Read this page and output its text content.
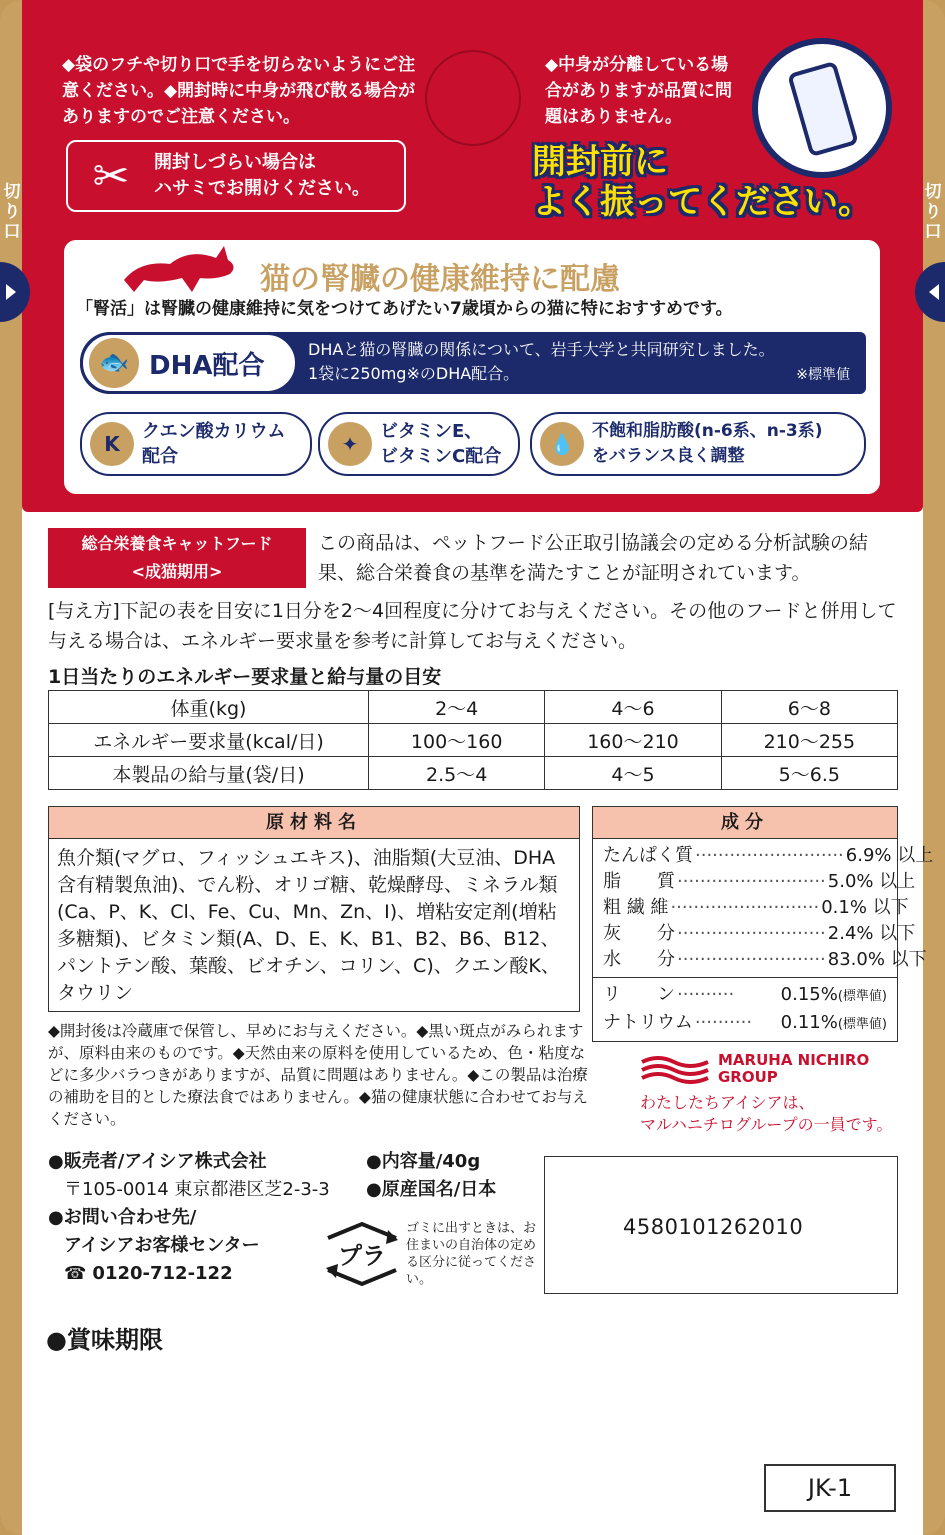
切り口
切り口
◆袋のフチや切り口で手を切らないようにご注意ください。◆開封時に中身が飛び散る場合がありますのでご注意ください。
◆中身が分離している場合がありますが品質に問題はありません。
✂	開封しづらい場合は
ハサミでお開けください。
開封前に
よく振ってください。
猫の腎臓の健康維持に配慮
「腎活」は腎臓の健康維持に気をつけてあげたい7歳頃からの猫に特におすすめです。
🐟 DHA配合
DHAと猫の腎臓の関係について、岩手大学と共同研究しました。
1袋に250mg※のDHA配合。	※標準値
K
クエン酸カリウム
配合
✦
ビタミンE、
ビタミンC配合
💧
不飽和脂肪酸(n-6系、n-3系)
をバランス良く調整
総合栄養食キャットフード
<成猫期用>
この商品は、ペットフード公正取引協議会の定める分析試験の結果、総合栄養食の基準を満たすことが証明されています。
[与え方]下記の表を目安に1日分を2〜4回程度に分けてお与えください。その他のフードと併用して与える場合は、エネルギー要求量を参考に計算してお与えください。
1日当たりのエネルギー要求量と給与量の目安
体重(kg)	2〜4	4〜6	6〜8
エネルギー要求量(kcal/日)	100〜160	160〜210	210〜255
本製品の給与量(袋/日)	2.5〜4	4〜5	5〜6.5
原材料名
魚介類(マグロ、フィッシュエキス)、油脂類(大豆油、DHA含有精製魚油)、でん粉、オリゴ糖、乾燥酵母、ミネラル類(Ca、P、K、Cl、Fe、Cu、Mn、Zn、I)、増粘安定剤(増粘多糖類)、ビタミン類(A、D、E、K、B1、B2、B6、B12、パントテン酸、葉酸、ビオチン、コリン、C)、クエン酸K、タウリン
成分
たんぱく質 ·························· 6.9% 以上
脂　　質 ·························· 5.0% 以上
粗 繊 維 ·························· 0.1% 以下
灰　　分 ·························· 2.4% 以下
水　　分 ·························· 83.0% 以下
リ　　ン ··········	0.15%(標準値)
ナトリウム ··········	0.11%(標準値)
◆開封後は冷蔵庫で保管し、早めにお与えください。◆黒い斑点がみられますが、原料由来のものです。◆天然由来の原料を使用しているため、色・粘度などに多少バラつきがありますが、品質に問題はありません。◆この製品は治療の補助を目的とした療法食ではありません。◆猫の健康状態に合わせてお与えください。
MARUHA NICHIRO
GROUP
わたしたちアイシアは、
マルハニチログループの一員です。
●販売者/アイシア株式会社	●内容量/40g
〒105-0014 東京都港区芝2-3-3	●原産国名/日本
●お問い合わせ先/
アイシアお客様センター
☎ 0120-712-122
プラ
ゴミに出すときは、お住まいの自治体の定める区分に従ってください。
4580101262010
●賞味期限
JK-1
